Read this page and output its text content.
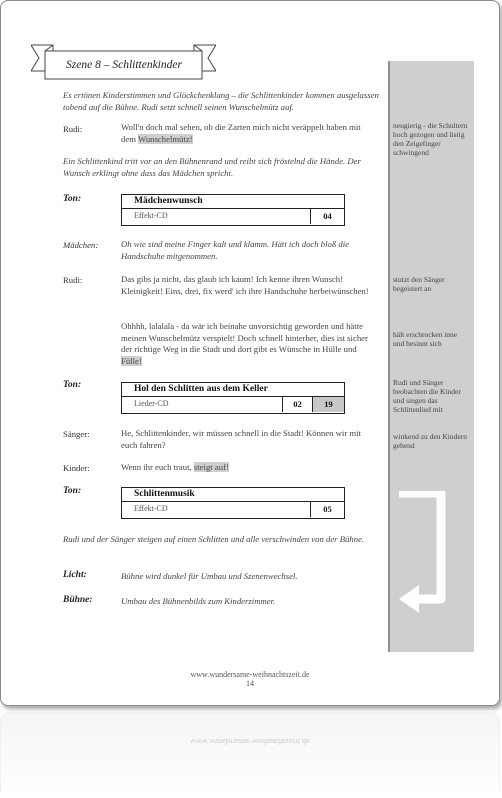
Szene 8 – Schlittenkinder
Es ertönen Kinderstimmen und Glöckchenklang – die Schlittenkinder kommen ausgelassen tobend auf die Bühne. Rudi setzt schnell seinen Wunschelmütz auf.
Rudi:	Woll'n doch mal sehen, ob die Zarten mich nicht veräppelt haben mit dem Wunschelmütz!
Ein Schlittenkind tritt vor an den Bühnenrand und reibt sich fröstelnd die Hände. Der Wunsch erklingt ohne dass das Mädchen spricht.
Ton:	Mädchenwunsch
Effekt-CD	04
Mädchen:	Oh wie sind meine Finger kalt und klamm. Hätt ich doch bloß die Handschuhe mitgenommen.
Rudi:	Das gibs ja nicht, das glaub ich kaum! Ich kenne ihren Wunsch! Kleinigkeit! Eins, drei, fix werd' ich ihre Handschuhe herbeiwünschen!
Ohhhh, lalalala - da wär ich beinahe unvorsichtig geworden und hätte meinen Wunschelmütz verspielt! Doch schnell hinterher, dies ist sicher der richtige Weg in die Stadt und dort gibt es Wünsche in Hülle und Fülle!
Ton:	Hol den Schlitten aus dem Keller
Lieder-CD	02	19
Sänger:	He, Schlittenkinder, wir müssen schnell in die Stadt! Können wir mit euch fahren?
Kinder:	Wenn ihr euch traut, steigt auf!
Ton:	Schlittenmusik
Effekt-CD	05
Rudi und der Sänger steigen auf einen Schlitten und alle verschwinden von der Bühne.
Licht:	Bühne wird dunkel für Umbau und Szenenwechsel.
Bühne:	Umbau des Bühnenbilds zum Kinderzimmer.
neugierig - die Schultern hoch gezogen und listig den Zeigefinger schwingend
stutzt den Sänger begeistert an
hält erschrocken inne und besinnt sich
Rudi und Sänger beobachten die Kinder und singen das Schlittenlied mit
winkend zu den Kindern gehend
www.wundersame-weihnachtszeit.de
14
www.wundersame-weihnachtszeit.de
